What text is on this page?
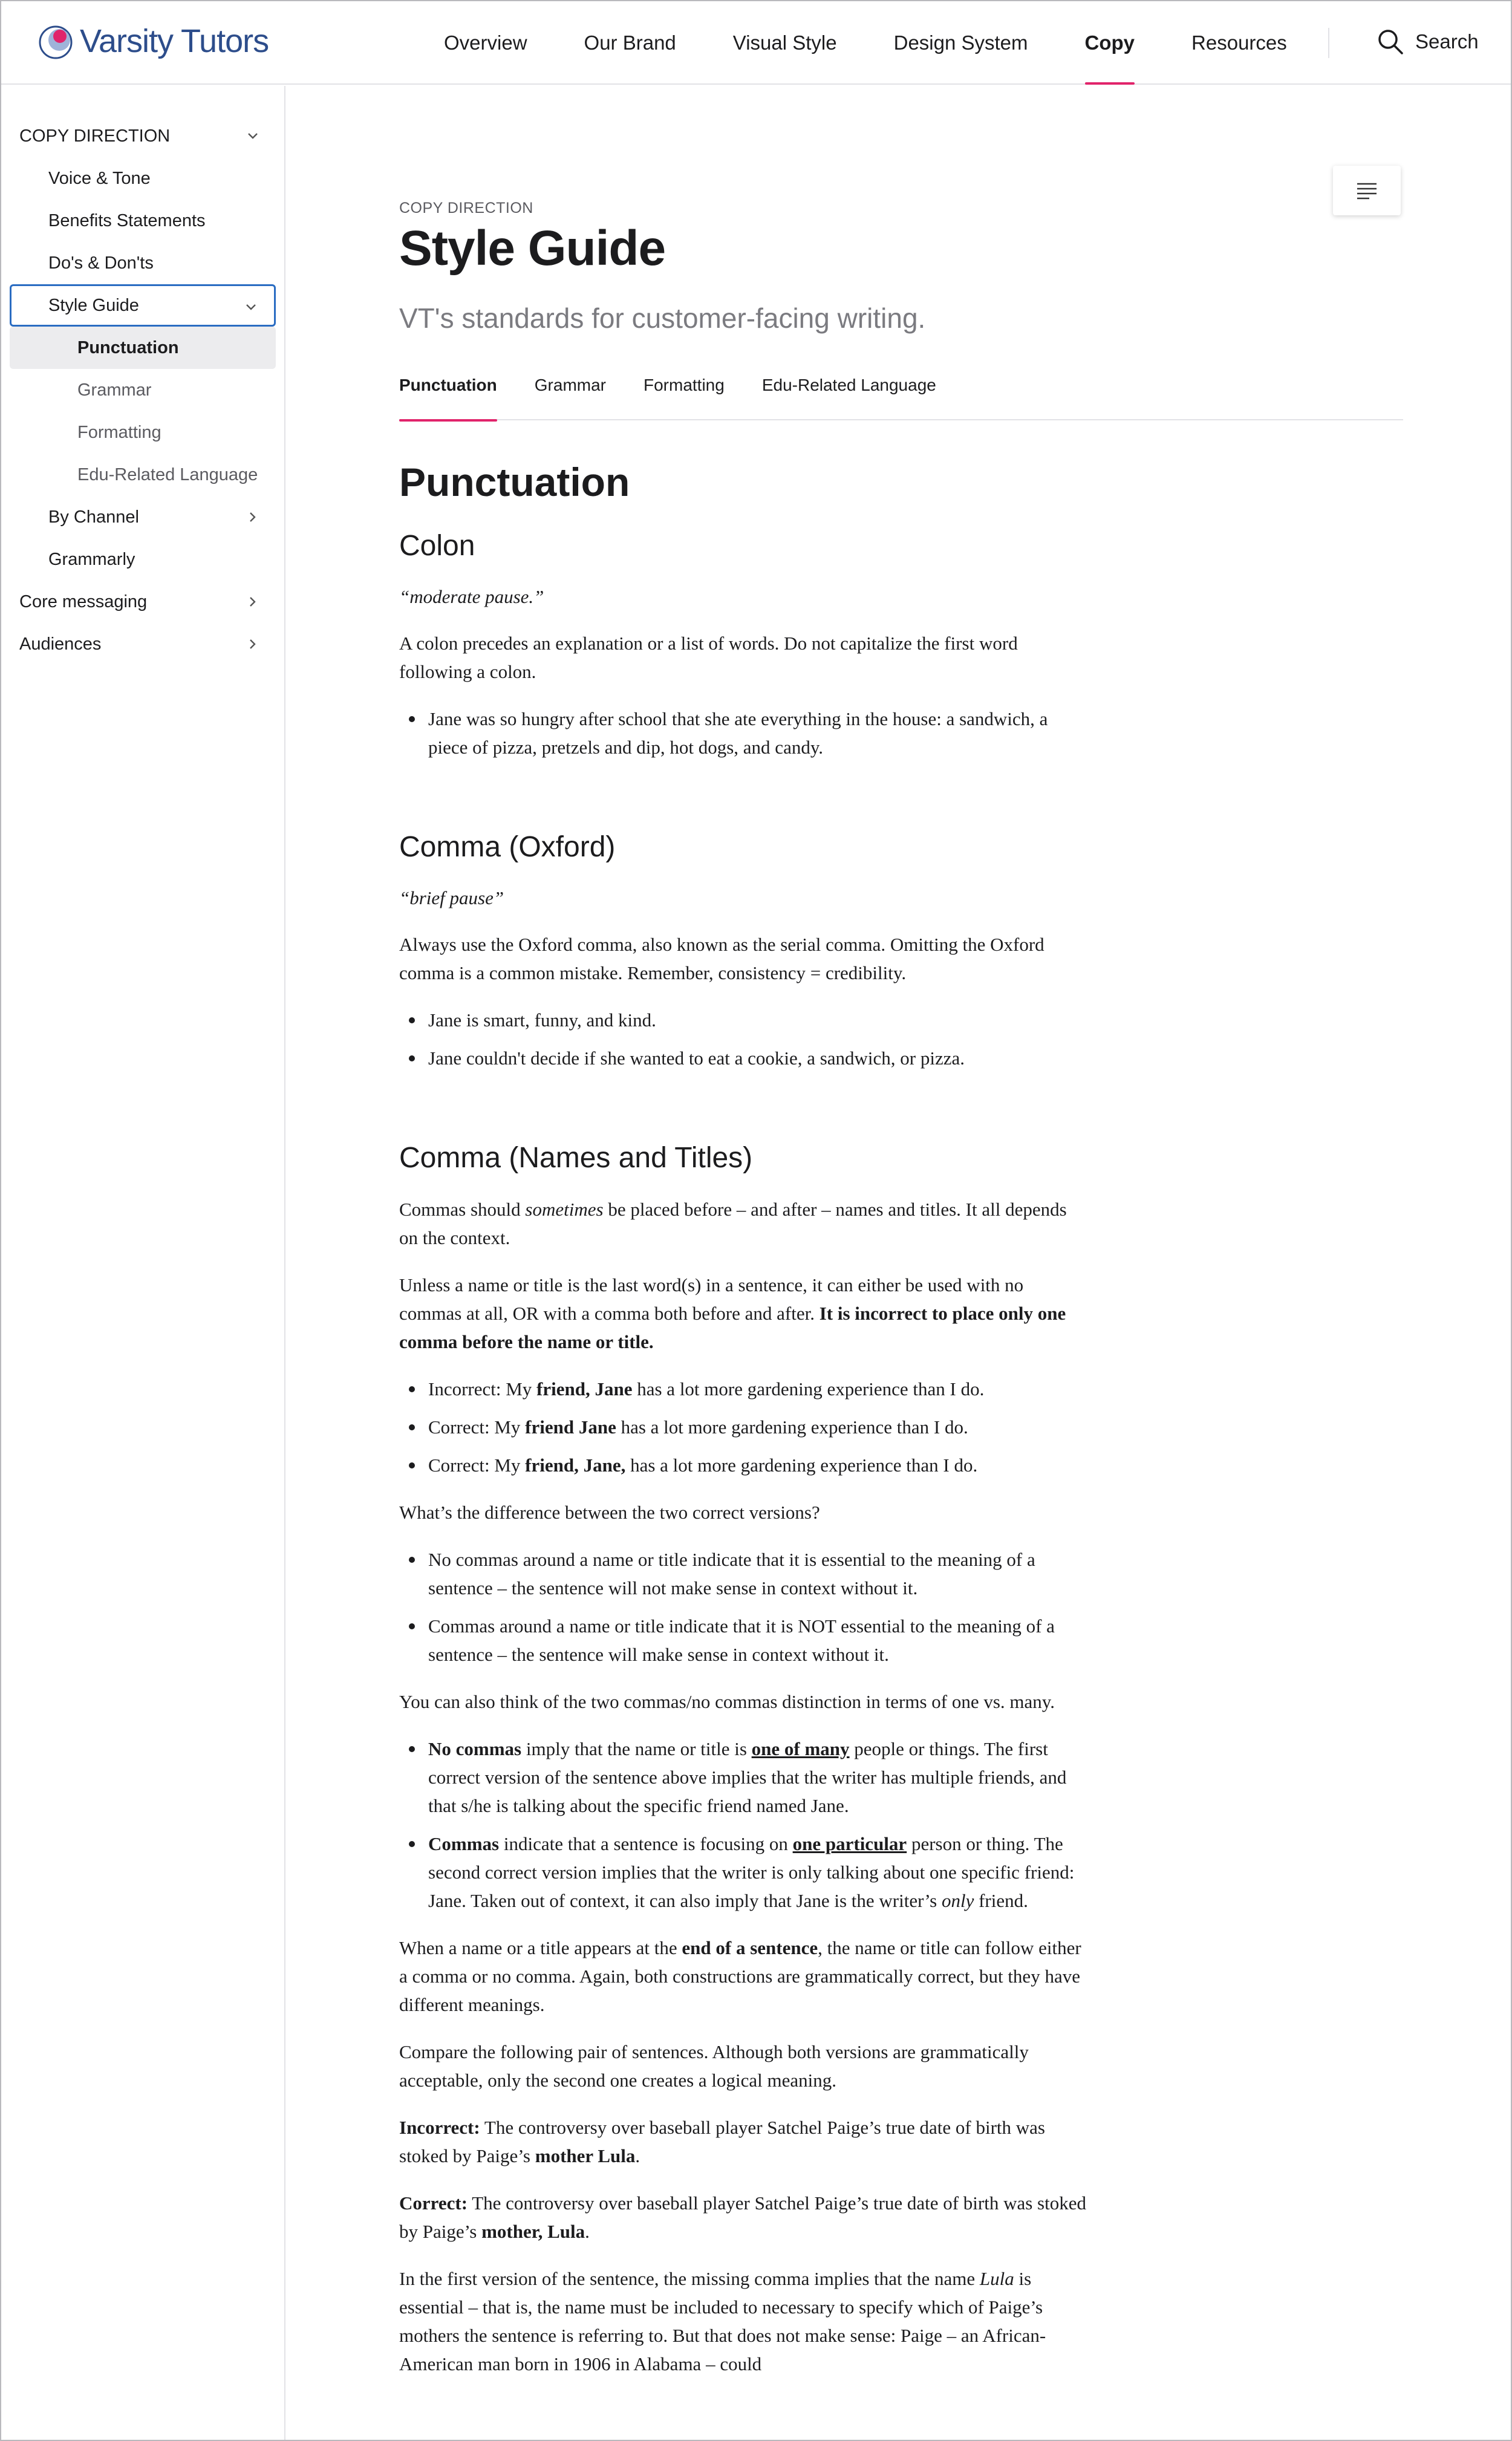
Varsity Tutors	Overview	Our Brand	Visual Style	Design System	Copy	Resources	Search
COPY DIRECTION
Voice & Tone
Benefits Statements
Do's & Don'ts
Style Guide
Punctuation
Grammar
Formatting
Edu-Related Language
By Channel
Grammarly
Core messaging
Audiences
COPY DIRECTION
Style Guide
VT's standards for customer-facing writing.
Punctuation Grammar Formatting Edu-Related Language
Punctuation
Colon
“moderate pause.”

A colon precedes an explanation or a list of words. Do not capitalize the first word following a colon.

Jane was so hungry after school that she ate everything in the house: a sandwich, a piece of pizza, pretzels and dip, hot dogs, and candy.
Comma (Oxford)
“brief pause”

Always use the Oxford comma, also known as the serial comma. Omitting the Oxford comma is a common mistake. Remember, consistency = credibility.

Jane is smart, funny, and kind.
Jane couldn't decide if she wanted to eat a cookie, a sandwich, or pizza.
Comma (Names and Titles)

Commas should sometimes be placed before – and after – names and titles. It all depends on the context.

Unless a name or title is the last word(s) in a sentence, it can either be used with no commas at all, OR with a comma both before and after. It is incorrect to place only one comma before the name or title.

Incorrect: My friend, Jane has a lot more gardening experience than I do.
Correct: My friend Jane has a lot more gardening experience than I do.
Correct: My friend, Jane, has a lot more gardening experience than I do.

What’s the difference between the two correct versions?

No commas around a name or title indicate that it is essential to the meaning of a sentence – the sentence will not make sense in context without it.
Commas around a name or title indicate that it is NOT essential to the meaning of a sentence – the sentence will make sense in context without it.

You can also think of the two commas/no commas distinction in terms of one vs. many.

No commas imply that the name or title is one of many people or things. The first correct version of the sentence above implies that the writer has multiple friends, and that s/he is talking about the specific friend named Jane.
Commas indicate that a sentence is focusing on one particular person or thing. The second correct version implies that the writer is only talking about one specific friend: Jane. Taken out of context, it can also imply that Jane is the writer’s only friend.

When a name or a title appears at the end of a sentence, the name or title can follow either a comma or no comma. Again, both constructions are grammatically correct, but they have different meanings.

Compare the following pair of sentences. Although both versions are grammatically acceptable, only the second one creates a logical meaning.

Incorrect: The controversy over baseball player Satchel Paige’s true date of birth was stoked by Paige’s mother Lula.

Correct: The controversy over baseball player Satchel Paige’s true date of birth was stoked by Paige’s mother, Lula.

In the first version of the sentence, the missing comma implies that the name Lula is essential – that is, the name must be included to necessary to specify which of Paige’s mothers the sentence is referring to. But that does not make sense: Paige – an African-American man born in 1906 in Alabama – could
